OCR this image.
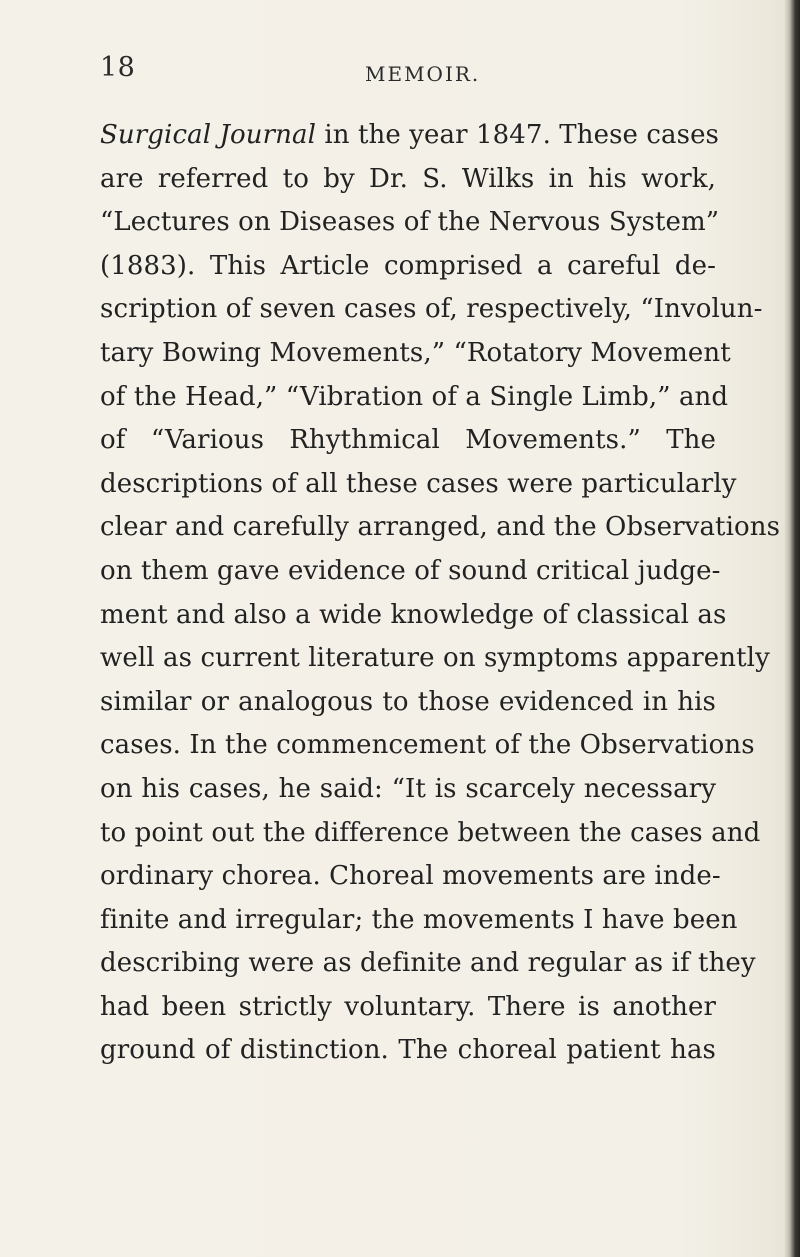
18	MEMOIR.
Surgical Journal in the year 1847. These cases
are referred to by Dr. S. Wilks in his work,
“Lectures on Diseases of the Nervous System”
(1883). This Article comprised a careful de-
scription of seven cases of, respectively, “Involun-
tary Bowing Movements,” “Rotatory Movement
of the Head,” “Vibration of a Single Limb,” and
of “Various Rhythmical Movements.” The
descriptions of all these cases were particularly
clear and carefully arranged, and the Observations
on them gave evidence of sound critical judge-
ment and also a wide knowledge of classical as
well as current literature on symptoms apparently
similar or analogous to those evidenced in his
cases. In the commencement of the Observations
on his cases, he said: “It is scarcely necessary
to point out the difference between the cases and
ordinary chorea. Choreal movements are inde-
finite and irregular; the movements I have been
describing were as definite and regular as if they
had been strictly voluntary. There is another
ground of distinction. The choreal patient has
